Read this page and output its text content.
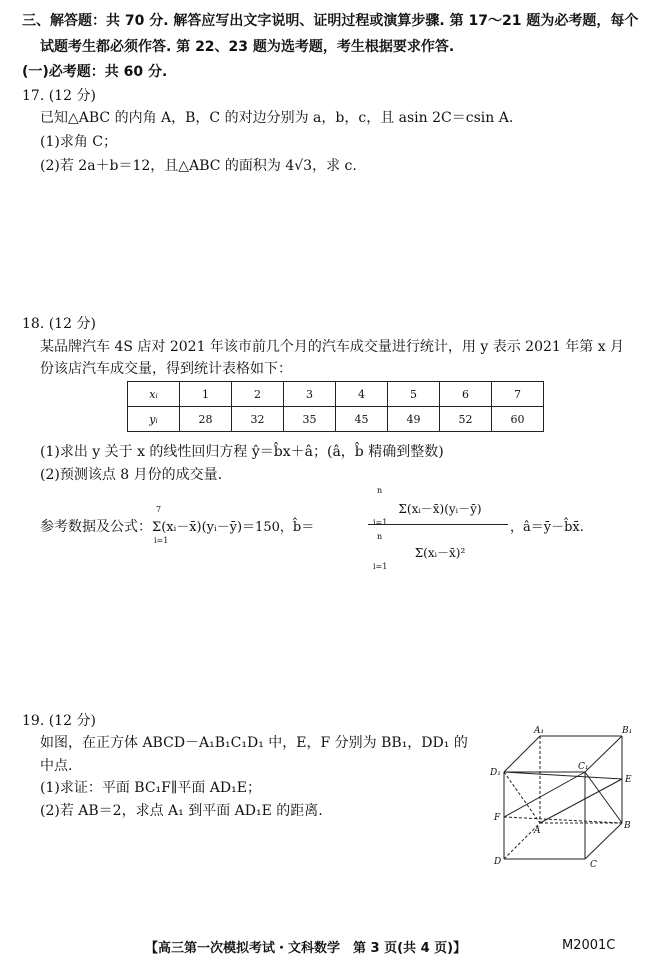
三、解答题：共 70 分. 解答应写出文字说明、证明过程或演算步骤. 第 17～21 题为必考题，每个
试题考生都必须作答. 第 22、23 题为选考题，考生根据要求作答.
(一)必考题：共 60 分.
17. (12 分)
已知△ABC 的内角 A，B，C 的对边分别为 a，b，c，且 asin 2C＝csin A.
(1)求角 C；
(2)若 2a＋b＝12，且△ABC 的面积为 4√3，求 c.
18. (12 分)
某品牌汽车 4S 店对 2021 年该市前几个月的汽车成交量进行统计，用 y 表示 2021 年第 x 月
份该店汽车成交量，得到统计表格如下：
xᵢ	1	2	3	4	5	6	7
yᵢ	28	32	35	45	49	52	60
(1)求出 y 关于 x 的线性回归方程 ŷ＝b̂x＋â；(â，b̂ 精确到整数)
(2)预测该点 8 月份的成交量.
参考数据及公式：
7
i=1
Σ(xᵢ－x̄)(yᵢ－ȳ)＝150，b̂＝
n
i=1
Σ(xᵢ－x̄)(yᵢ－ȳ)
n
i=1
Σ(xᵢ－x̄)²
，â＝ȳ－b̂x̄.
19. (12 分)
如图，在正方体 ABCD－A₁B₁C₁D₁ 中，E，F 分别为 BB₁，DD₁ 的
中点.
(1)求证：平面 BC₁F∥平面 AD₁E；
(2)若 AB＝2，求点 A₁ 到平面 AD₁E 的距离.
A₁	B₁
C₁
D₁
E
F
A	B
C
D
【高三第一次模拟考试・文科数学　第 3 页(共 4 页)】	M2001C
